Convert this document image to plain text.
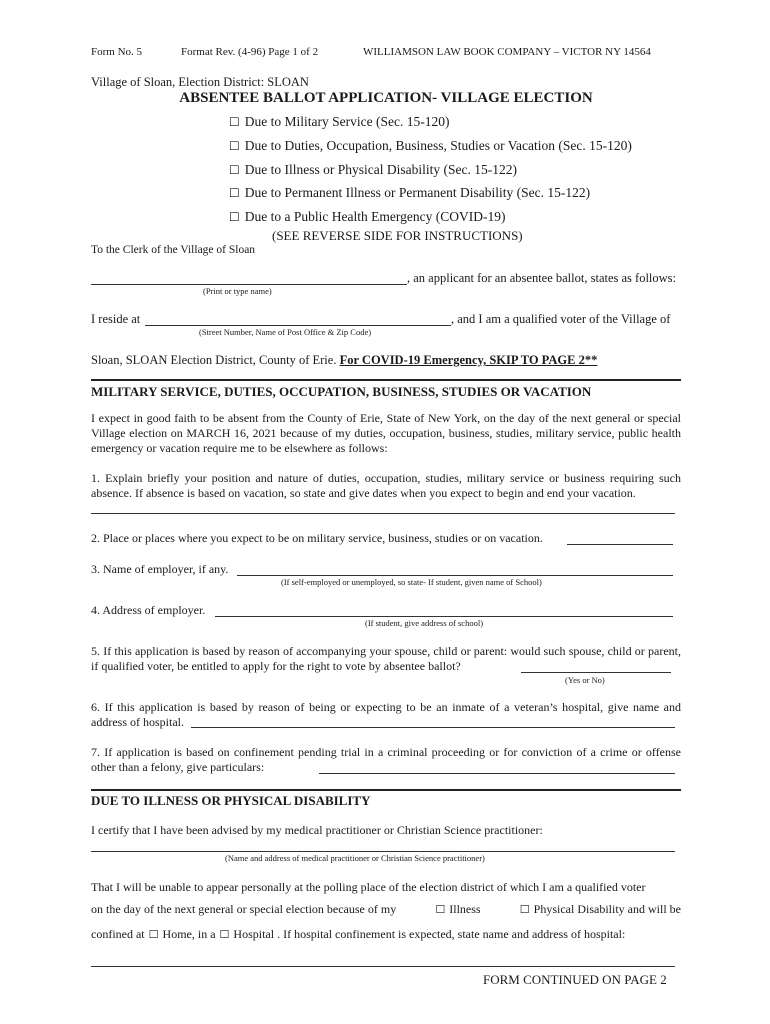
Form No. 5	Format Rev. (4-96) Page 1 of 2	WILLIAMSON LAW BOOK COMPANY – VICTOR NY 14564
Village of Sloan, Election District: SLOAN
ABSENTEE BALLOT APPLICATION- VILLAGE ELECTION
☐ Due to Military Service (Sec. 15-120)
☐ Due to Duties, Occupation, Business, Studies or Vacation (Sec. 15-120)
☐ Due to Illness or Physical Disability (Sec. 15-122)
☐ Due to Permanent Illness or Permanent Disability (Sec. 15-122)
☐ Due to a Public Health Emergency (COVID-19)
(SEE REVERSE SIDE FOR INSTRUCTIONS)
To the Clerk of the Village of Sloan
, an applicant for an absentee ballot, states as follows:
(Print or type name)
I reside at	, and I am a qualified voter of the Village of
(Street Number, Name of Post Office & Zip Code)
Sloan, SLOAN Election District, County of Erie. For COVID-19 Emergency, SKIP TO PAGE 2**
MILITARY SERVICE, DUTIES, OCCUPATION, BUSINESS, STUDIES OR VACATION
I expect in good faith to be absent from the County of Erie, State of New York, on the day of the next general or special Village election on MARCH 16, 2021 because of my duties, occupation, business, studies, military service, public health emergency or vacation require me to be elsewhere as follows:
1. Explain briefly your position and nature of duties, occupation, studies, military service or business requiring such absence. If absence is based on vacation, so state and give dates when you expect to begin and end your vacation.
2. Place or places where you expect to be on military service, business, studies or on vacation.
3. Name of employer, if any.
(If self-employed or unemployed, so state- If student, given name of School)
4. Address of employer.
(If student, give address of school)
5. If this application is based by reason of accompanying your spouse, child or parent: would such spouse, child or parent, if qualified voter, be entitled to apply for the right to vote by absentee ballot?
(Yes or No)
6. If this application is based by reason of being or expecting to be an inmate of a veteran’s hospital, give name and address of hospital.
7. If application is based on confinement pending trial in a criminal proceeding or for conviction of a crime or offense other than a felony, give particulars:
DUE TO ILLNESS OR PHYSICAL DISABILITY
I certify that I have been advised by my medical practitioner or Christian Science practitioner:
(Name and address of medical practitioner or Christian Science practitioner)
That I will be unable to appear personally at the polling place of the election district of which I am a qualified voter
on the day of the next general or special election because of my	☐ Illness	☐ Physical Disability and will be
confined at ☐ Home, in a ☐ Hospital . If hospital confinement is expected, state name and address of hospital:
FORM CONTINUED ON PAGE 2
